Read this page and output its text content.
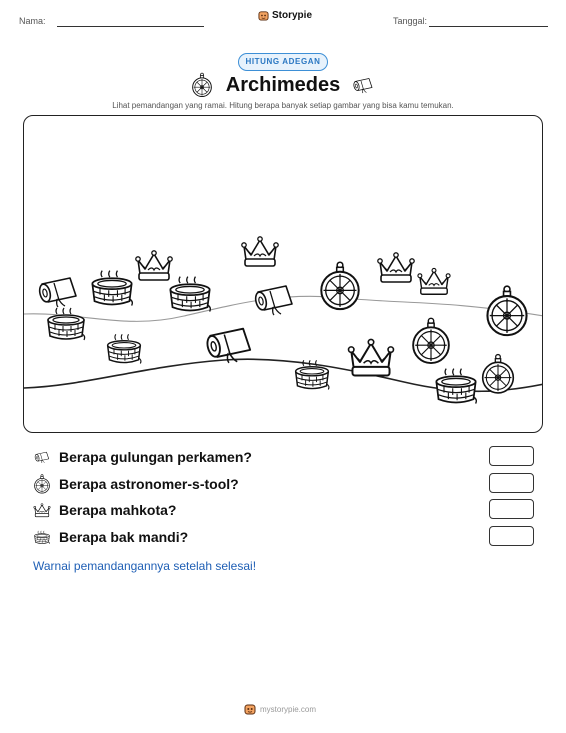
Nama:	Storypie	Tanggal:
HITUNG ADEGAN
Archimedes
Lihat pemandangan yang ramai. Hitung berapa banyak setiap gambar yang bisa kamu temukan.
Berapa gulungan perkamen?
Berapa astronomer-s-tool?
Berapa mahkota?
Berapa bak mandi?
Warnai pemandangannya setelah selesai!
mystorypie.com
